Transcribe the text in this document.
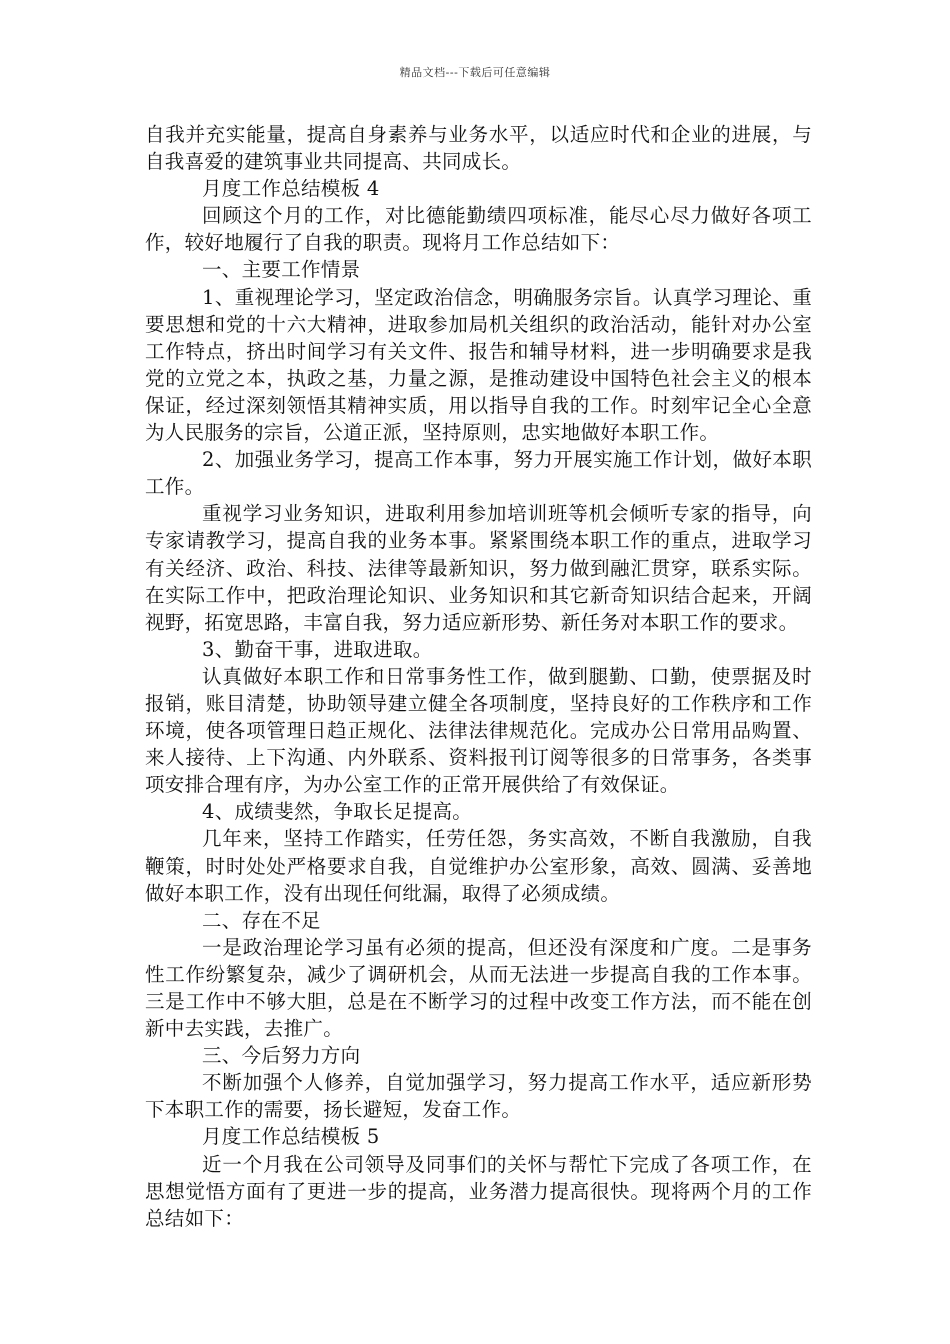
精品文档---下载后可任意编辑

自我并充实能量，提高自身素养与业务水平，以适应时代和企业的进展，与自我喜爱的建筑事业共同提高、共同成长。

月度工作总结模板 4

回顾这个月的工作，对比德能勤绩四项标准，能尽心尽力做好各项工作，较好地履行了自我的职责。现将月工作总结如下：

一、主要工作情景

1、重视理论学习，坚定政治信念，明确服务宗旨。认真学习理论、重要思想和党的十六大精神，进取参加局机关组织的政治活动，能针对办公室工作特点，挤出时间学习有关文件、报告和辅导材料，进一步明确要求是我党的立党之本，执政之基，力量之源，是推动建设中国特色社会主义的根本保证，经过深刻领悟其精神实质，用以指导自我的工作。时刻牢记全心全意为人民服务的宗旨，公道正派，坚持原则，忠实地做好本职工作。

2、加强业务学习，提高工作本事，努力开展实施工作计划，做好本职工作。

重视学习业务知识，进取利用参加培训班等机会倾听专家的指导，向专家请教学习，提高自我的业务本事。紧紧围绕本职工作的重点，进取学习有关经济、政治、科技、法律等最新知识，努力做到融汇贯穿，联系实际。在实际工作中，把政治理论知识、业务知识和其它新奇知识结合起来，开阔视野，拓宽思路，丰富自我，努力适应新形势、新任务对本职工作的要求。

3、勤奋干事，进取进取。

认真做好本职工作和日常事务性工作，做到腿勤、口勤，使票据及时报销，账目清楚，协助领导建立健全各项制度，坚持良好的工作秩序和工作环境，使各项管理日趋正规化、法律法律规范化。完成办公日常用品购置、来人接待、上下沟通、内外联系、资料报刊订阅等很多的日常事务，各类事项安排合理有序，为办公室工作的正常开展供给了有效保证。

4、成绩斐然，争取长足提高。

几年来，坚持工作踏实，任劳任怨，务实高效，不断自我激励，自我鞭策，时时处处严格要求自我，自觉维护办公室形象，高效、圆满、妥善地做好本职工作，没有出现任何纰漏，取得了必须成绩。

二、存在不足

一是政治理论学习虽有必须的提高，但还没有深度和广度。二是事务性工作纷繁复杂，减少了调研机会，从而无法进一步提高自我的工作本事。三是工作中不够大胆，总是在不断学习的过程中改变工作方法，而不能在创新中去实践，去推广。

三、今后努力方向

不断加强个人修养，自觉加强学习，努力提高工作水平，适应新形势下本职工作的需要，扬长避短，发奋工作。

月度工作总结模板 5

近一个月我在公司领导及同事们的关怀与帮忙下完成了各项工作，在思想觉悟方面有了更进一步的提高，业务潜力提高很快。现将两个月的工作总结如下：
